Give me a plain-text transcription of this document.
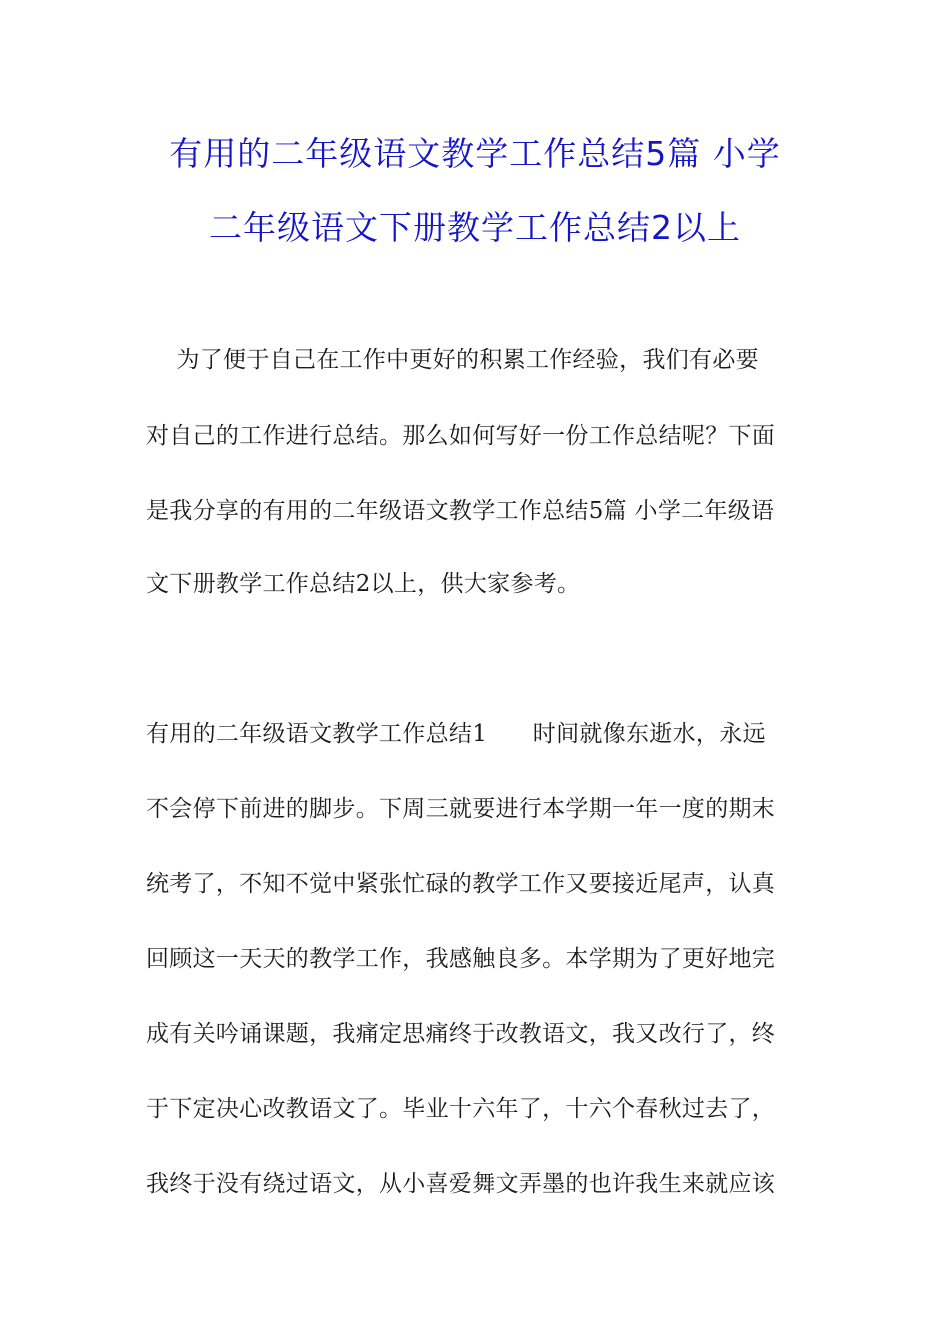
有用的二年级语文教学工作总结5篇 小学
二年级语文下册教学工作总结2以上
为了便于自己在工作中更好的积累工作经验，我们有必要
对自己的工作进行总结。那么如何写好一份工作总结呢？下面
是我分享的有用的二年级语文教学工作总结5篇 小学二年级语
文下册教学工作总结2以上，供大家参考。
有用的二年级语文教学工作总结1      时间就像东逝水，永远
不会停下前进的脚步。下周三就要进行本学期一年一度的期末
统考了，不知不觉中紧张忙碌的教学工作又要接近尾声，认真
回顾这一天天的教学工作，我感触良多。本学期为了更好地完
成有关吟诵课题，我痛定思痛终于改教语文，我又改行了，终
于下定决心改教语文了。毕业十六年了，十六个春秋过去了，
我终于没有绕过语文，从小喜爱舞文弄墨的也许我生来就应该
